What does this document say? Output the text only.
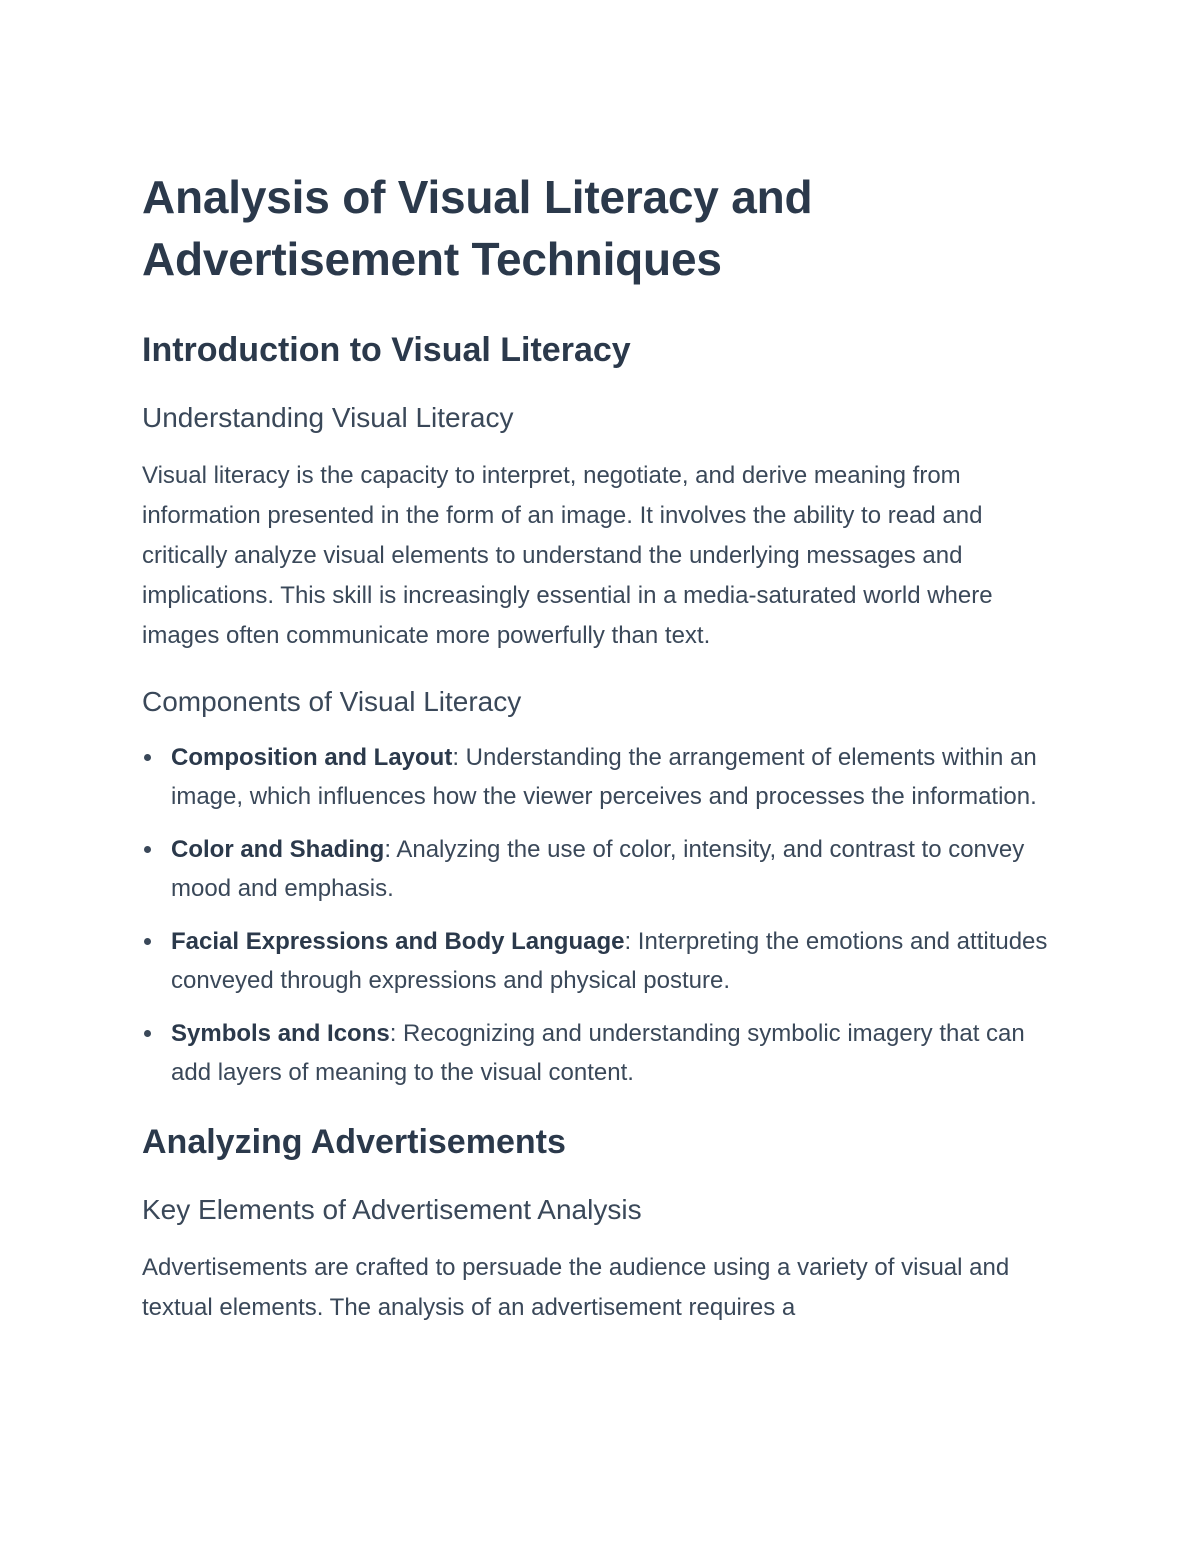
Analysis of Visual Literacy and Advertisement Techniques
Introduction to Visual Literacy
Understanding Visual Literacy

Visual literacy is the capacity to interpret, negotiate, and derive meaning from information presented in the form of an image. It involves the ability to read and critically analyze visual elements to understand the underlying messages and implications. This skill is increasingly essential in a media-saturated world where images often communicate more powerfully than text.

Components of Visual Literacy
Composition and Layout: Understanding the arrangement of elements within an image, which influences how the viewer perceives and processes the information.
Color and Shading: Analyzing the use of color, intensity, and contrast to convey mood and emphasis.
Facial Expressions and Body Language: Interpreting the emotions and attitudes conveyed through expressions and physical posture.
Symbols and Icons: Recognizing and understanding symbolic imagery that can add layers of meaning to the visual content.
Analyzing Advertisements
Key Elements of Advertisement Analysis

Advertisements are crafted to persuade the audience using a variety of visual and textual elements. The analysis of an advertisement requires a
